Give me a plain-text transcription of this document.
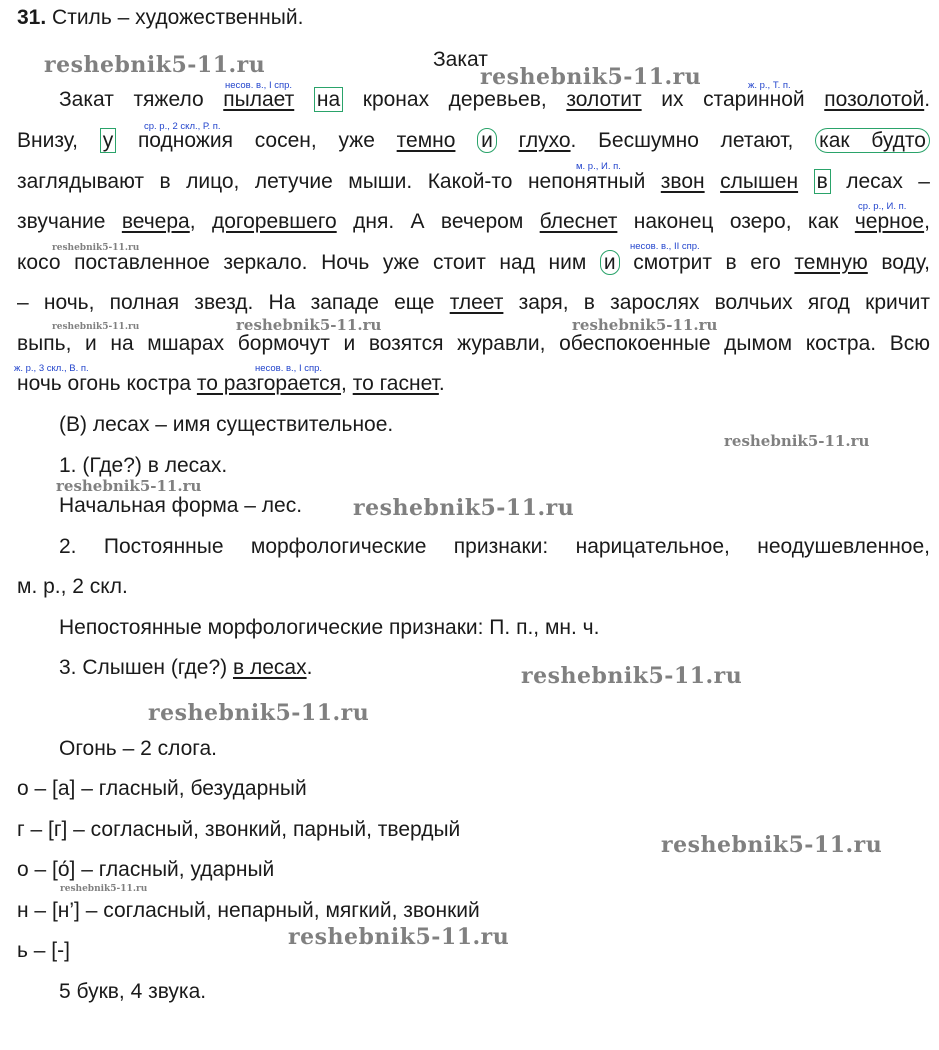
31. Стиль – художественный.
Закат
несов. в., I спр.	ж. р., Т. п.
ср. р., 2 скл., Р. п.
м. р., И. п.
ср. р., И. п.
несов. в., II спр.
ж. р., 3 скл., В. п.	несов. в., I спр.
Закат тяжело пылает на кронах деревьев, золотит их старинной позолотой.
Внизу, у подножия сосен, уже темно и глухо. Бесшумно летают, как будто
заглядывают в лицо, летучие мыши. Какой-то непонятный звон слышен в лесах –
звучание вечера, догоревшего дня. А вечером блеснет наконец озеро, как черное,
косо поставленное зеркало. Ночь уже стоит над ним и смотрит в его темную воду,
– ночь, полная звезд. На западе еще тлеет заря, в зарослях волчьих ягод кричит
выпь, и на мшарах бормочут и возятся журавли, обеспокоенные дымом костра. Всю
ночь огонь костра то разгорается, то гаснет.
(В) лесах – имя существительное.
1. (Где?) в лесах.
Начальная форма – лес.
2. Постоянные морфологические признаки: нарицательное, неодушевленное,
м. р., 2 скл.
Непостоянные морфологические признаки: П. п., мн. ч.
3. Слышен (где?) в лесах.
Огонь – 2 слога.
о – [а] – гласный, безударный
г – [г] – согласный, звонкий, парный, твердый
о – [о́] – гласный, ударный
н – [н’] – согласный, непарный, мягкий, звонкий
ь – [-]
5 букв, 4 звука.
reshebnik5-11.ru	reshebnik5-11.ru
reshebnik5-11.ru
reshebnik5-11.ru	reshebnik5-11.ru	reshebnik5-11.ru
reshebnik5-11.ru
reshebnik5-11.ru
reshebnik5-11.ru
reshebnik5-11.ru
reshebnik5-11.ru
reshebnik5-11.ru
reshebnik5-11.ru
reshebnik5-11.ru
